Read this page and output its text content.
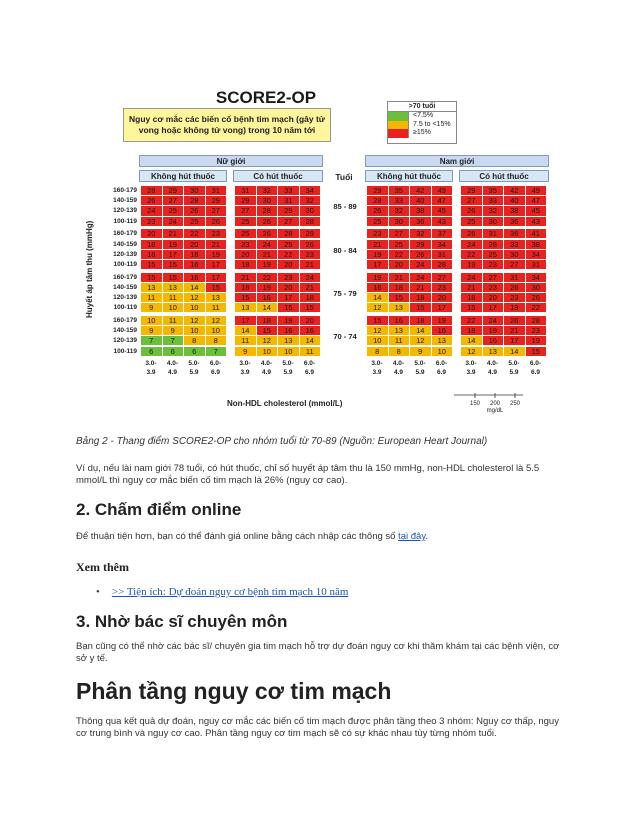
SCORE2-OP
Nguy cơ mắc các biến cố bệnh tim mạch (gây tử vong hoặc không tử vong) trong 10 năm tới
>70 tuổi
<7.5%
7.5 to <15%
≥15%
Nữ giới	Nam giới
Không hút thuốc	Có hút thuốc	Không hút thuốc	Có hút thuốc
Tuổi
Huyết áp tâm thu (mmHg)
Non-HDL cholesterol (mmol/L)
85 - 89
160-179	28	29	30	31	31	32	33	34	29	35	42	49	29	35	42	49
140-159	26	27	28	29	29	30	31	32	28	33	40	47	27	33	40	47
120-139	24	25	26	27	27	28	29	30	26	32	38	45	26	32	38	45
100-119	23	24	25	26	25	26	27	28	25	30	36	43	25	30	36	43
80 - 84
160-179	20	21	22	23	25	26	28	29	23	27	32	37	26	31	36	41
140-159	18	19	20	21	23	24	25	26	21	25	29	34	24	28	33	38
120-139	16	17	18	19	20	21	22	23	19	22	26	31	22	25	30	34
100-119	15	15	16	17	18	19	20	21	17	20	24	28	19	23	27	31
75 - 79
160-179	15	15	16	17	21	22	23	24	19	21	24	27	24	27	31	34
140-159	13	13	14	15	18	19	20	21	16	18	21	23	21	23	26	30
120-139	11	11	12	13	15	16	17	18	14	15	18	20	18	20	23	26
100-119	9	10	10	11	13	14	15	15	12	13	15	17	15	17	19	22
70 - 74
160-179	10	11	12	12	17	18	19	20	15	16	18	19	22	24	26	28
140-159	9	9	10	10	14	15	16	16	12	13	14	16	18	19	21	23
120-139	7	7	8	8	11	12	13	14	10	11	12	13	14	16	17	19
100-119	6	6	6	7	9	10	10	11	8	8	9	10	12	13	14	15
3.0-
3.9
4.0-
4.9
5.0-
5.9
6.0-
6.9
3.0-
3.9
4.0-
4.9
5.0-
5.9
6.0-
6.9
3.0-
3.9
4.0-
4.9
5.0-
5.9
6.0-
6.9
3.0-
3.9
4.0-
4.9
5.0-
5.9
6.0-
6.9
150	200	250
mg/dL
Bảng 2 - Thang điểm SCORE2-OP cho nhóm tuổi từ 70-89 (Nguồn: European Heart Journal)

Ví dụ, nếu lài nam giới 78 tuổi, có hút thuốc, chỉ số huyết áp tâm thu là 150 mmHg, non-HDL cholesterol là 5.5 mmol/L thì nguy cơ mắc biến cố tim mạch là 26% (nguy cơ cao).

2. Chấm điểm online

Để thuận tiện hơn, bạn có thể đánh giá online bằng cách nhập các thông số tại đây.

Xem thêm
• >> Tiện ích: Dự đoán nguy cơ bệnh tim mạch 10 năm
3. Nhờ bác sĩ chuyên môn

Bạn cũng có thể nhờ các bác sĩ/ chuyên gia tim mạch hỗ trợ dự đoán nguy cơ khi thăm khám tại các bệnh viện, cơ sở y tế.

Phân tầng nguy cơ tim mạch

Thông qua kết quả dự đoán, nguy cơ mắc các biến cố tim mạch được phân tầng theo 3 nhóm: Nguy cơ thấp, nguy cơ trung bình và nguy cơ cao. Phân tầng nguy cơ tim mạch sẽ có sự khác nhau tùy từng nhóm tuổi.
